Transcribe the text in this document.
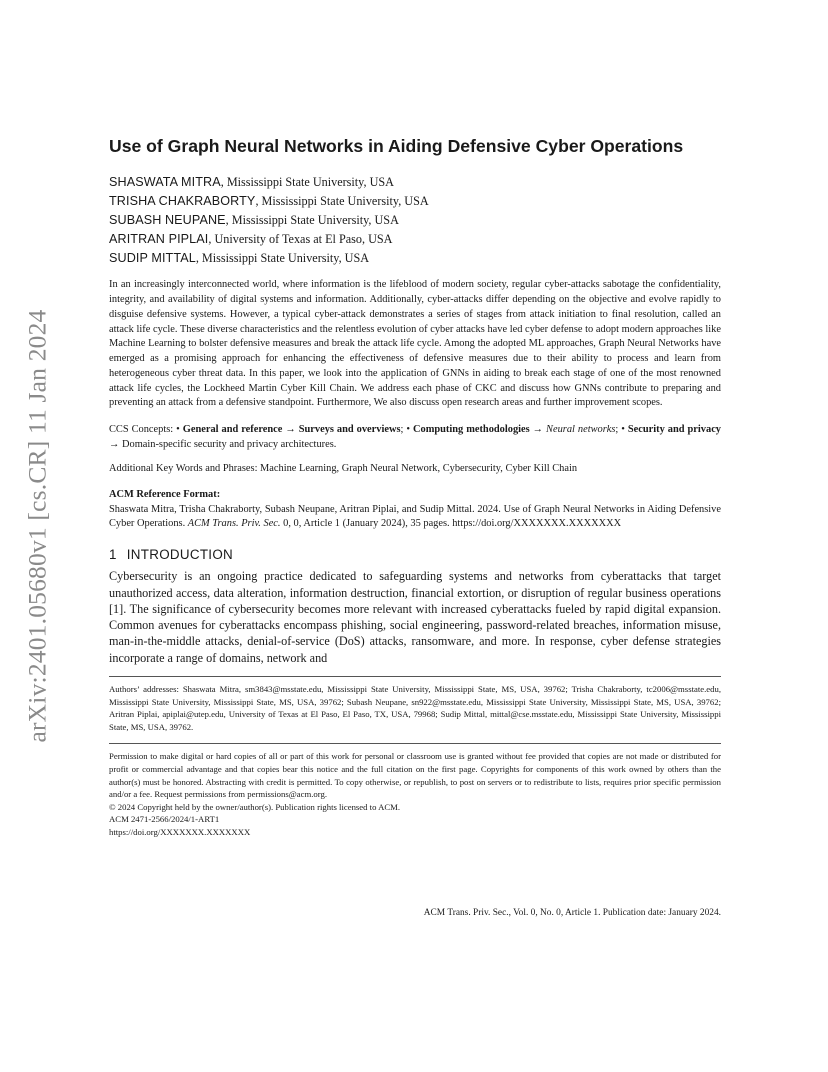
arXiv:2401.05680v1 [cs.CR] 11 Jan 2024
Use of Graph Neural Networks in Aiding Defensive Cyber Operations
SHASWATA MITRA, Mississippi State University, USA
TRISHA CHAKRABORTY, Mississippi State University, USA
SUBASH NEUPANE, Mississippi State University, USA
ARITRAN PIPLAI, University of Texas at El Paso, USA
SUDIP MITTAL, Mississippi State University, USA

In an increasingly interconnected world, where information is the lifeblood of modern society, regular cyber-attacks sabotage the confidentiality, integrity, and availability of digital systems and information. Additionally, cyber-attacks differ depending on the objective and evolve rapidly to disguise defensive systems. However, a typical cyber-attack demonstrates a series of stages from attack initiation to final resolution, called an attack life cycle. These diverse characteristics and the relentless evolution of cyber attacks have led cyber defense to adopt modern approaches like Machine Learning to bolster defensive measures and break the attack life cycle. Among the adopted ML approaches, Graph Neural Networks have emerged as a promising approach for enhancing the effectiveness of defensive measures due to their ability to process and learn from heterogeneous cyber threat data. In this paper, we look into the application of GNNs in aiding to break each stage of one of the most renowned attack life cycles, the Lockheed Martin Cyber Kill Chain. We address each phase of CKC and discuss how GNNs contribute to preparing and preventing an attack from a defensive standpoint. Furthermore, We also discuss open research areas and further improvement scopes.

CCS Concepts: • General and reference → Surveys and overviews; • Computing methodologies → Neural networks; • Security and privacy → Domain-specific security and privacy architectures.

Additional Key Words and Phrases: Machine Learning, Graph Neural Network, Cybersecurity, Cyber Kill Chain

ACM Reference Format:

Shaswata Mitra, Trisha Chakraborty, Subash Neupane, Aritran Piplai, and Sudip Mittal. 2024. Use of Graph Neural Networks in Aiding Defensive Cyber Operations. ACM Trans. Priv. Sec. 0, 0, Article 1 (January 2024), 35 pages. https://doi.org/XXXXXXX.XXXXXXX

1 INTRODUCTION

Cybersecurity is an ongoing practice dedicated to safeguarding systems and networks from cyberattacks that target unauthorized access, data alteration, information destruction, financial extortion, or disruption of regular business operations [1]. The significance of cybersecurity becomes more relevant with increased cyberattacks fueled by rapid digital expansion. Common avenues for cyberattacks encompass phishing, social engineering, password-related breaches, information misuse, man-in-the-middle attacks, denial-of-service (DoS) attacks, ransomware, and more. In response, cyber defense strategies incorporate a range of domains, network and

Authors’ addresses: Shaswata Mitra, sm3843@msstate.edu, Mississippi State University, Mississippi State, MS, USA, 39762; Trisha Chakraborty, tc2006@msstate.edu, Mississippi State University, Mississippi State, MS, USA, 39762; Subash Neupane, sn922@msstate.edu, Mississippi State University, Mississippi State, MS, USA, 39762; Aritran Piplai, apiplai@utep.edu, University of Texas at El Paso, El Paso, TX, USA, 79968; Sudip Mittal, mittal@cse.msstate.edu, Mississippi State University, Mississippi State, MS, USA, 39762.

Permission to make digital or hard copies of all or part of this work for personal or classroom use is granted without fee provided that copies are not made or distributed for profit or commercial advantage and that copies bear this notice and the full citation on the first page. Copyrights for components of this work owned by others than the author(s) must be honored. Abstracting with credit is permitted. To copy otherwise, or republish, to post on servers or to redistribute to lists, requires prior specific permission and/or a fee. Request permissions from permissions@acm.org.

© 2024 Copyright held by the owner/author(s). Publication rights licensed to ACM.

ACM 2471-2566/2024/1-ART1

https://doi.org/XXXXXXX.XXXXXXX

ACM Trans. Priv. Sec., Vol. 0, No. 0, Article 1. Publication date: January 2024.
